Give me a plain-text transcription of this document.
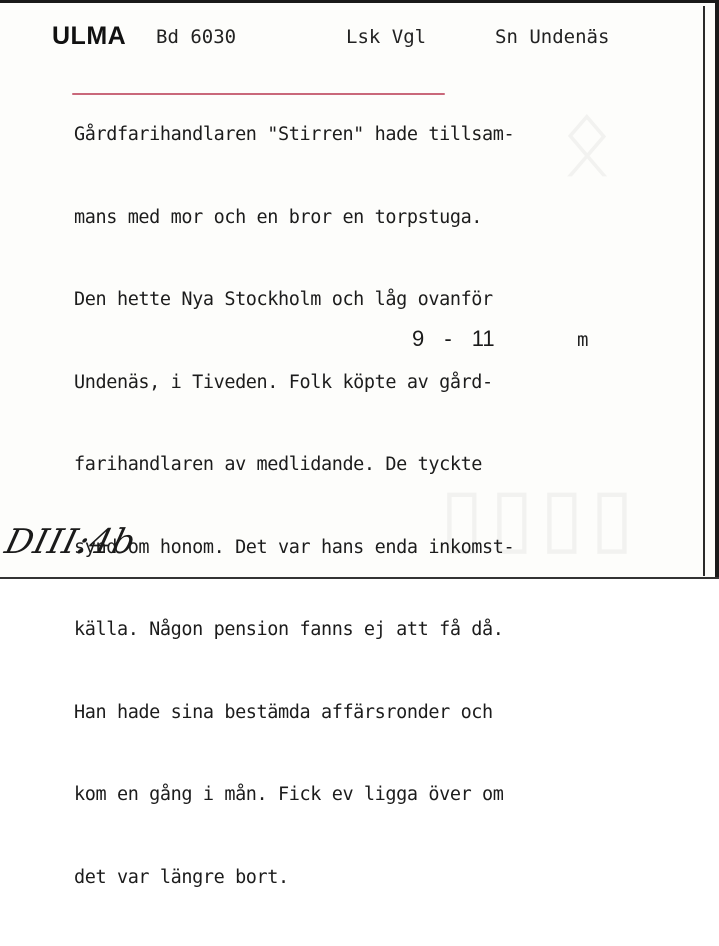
ULMA Bd 6030	Lsk Vgl	Sn Undenäs

Gårdfarihandlaren "Stirren" hade tillsam-

mans med mor och en bror en torpstuga.

Den hette Nya Stockholm och låg ovanför

Undenäs, i Tiveden. Folk köpte av gård-

farihandlaren av medlidande. De tyckte

synd om honom. Det var hans enda inkomst-

källa. Någon pension fanns ej att få då.

Han hade sina bestämda affärsronder och

kom en gång i mån. Fick ev ligga över om

det var längre bort.

9 - 11	m
DIII:4b
